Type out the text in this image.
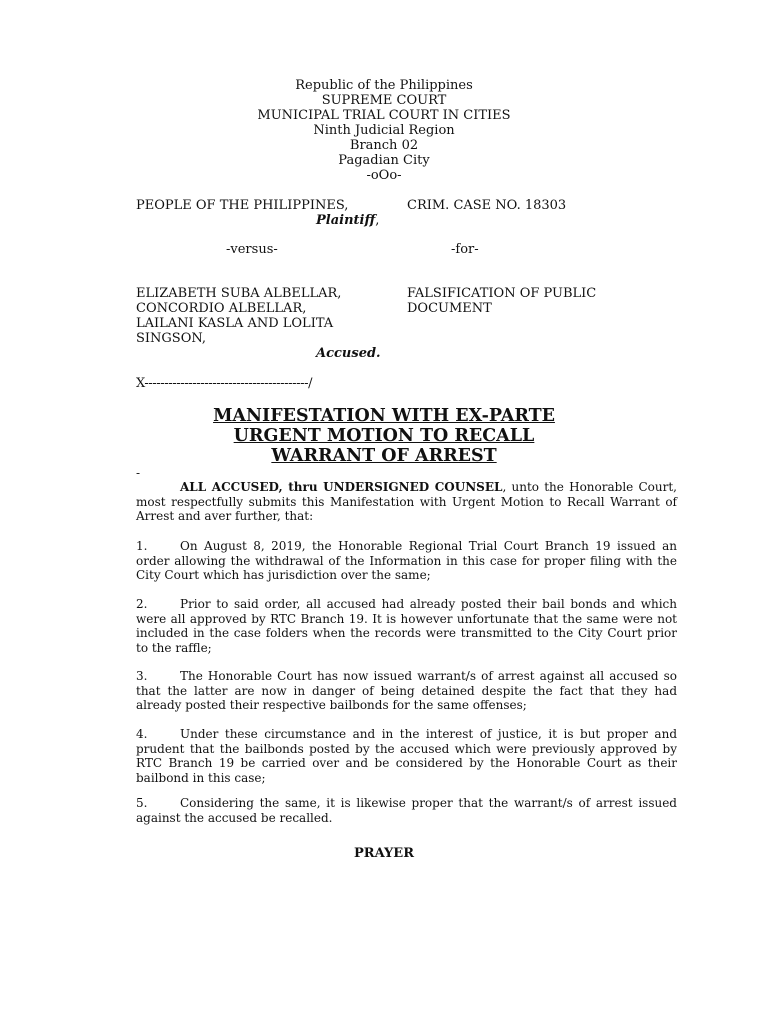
Republic of the Philippines
SUPREME COURT
MUNICIPAL TRIAL COURT IN CITIES
Ninth Judicial Region
Branch 02
Pagadian City
-oOo-
PEOPLE OF THE PHILIPPINES,
Plaintiff,
CRIM. CASE NO. 18303
-versus-	-for-
ELIZABETH SUBA ALBELLAR,
CONCORDIO ALBELLAR,
LAILANI KASLA AND LOLITA
SINGSON,
Accused.
FALSIFICATION OF PUBLIC
DOCUMENT
X-----------------------------------------/
MANIFESTATION WITH EX-PARTE
URGENT MOTION TO RECALL
WARRANT OF ARREST
-
ALL ACCUSED, thru UNDERSIGNED COUNSEL, unto the Honorable Court, most respectfully submits this Manifestation with Urgent Motion to Recall Warrant of Arrest and aver further, that:
1.	On August 8, 2019, the Honorable Regional Trial Court Branch 19 issued an order allowing the withdrawal of the Information in this case for proper filing with the City Court which has jurisdiction over the same;
2.	Prior to said order, all accused had already posted their bail bonds and which were all approved by RTC Branch 19. It is however unfortunate that the same were not included in the case folders when the records were transmitted to the City Court prior to the raffle;
3.	The Honorable Court has now issued warrant/s of arrest against all accused so that the latter are now in danger of being detained despite the fact that they had already posted their respective bailbonds for the same offenses;
4.	Under these circumstance and in the interest of justice, it is but proper and prudent that the bailbonds posted by the accused which were previously approved by RTC Branch 19 be carried over and be considered by the Honorable Court as their bailbond in this case;
5.	Considering the same, it is likewise proper that the warrant/s of arrest issued against the accused be recalled.
PRAYER
